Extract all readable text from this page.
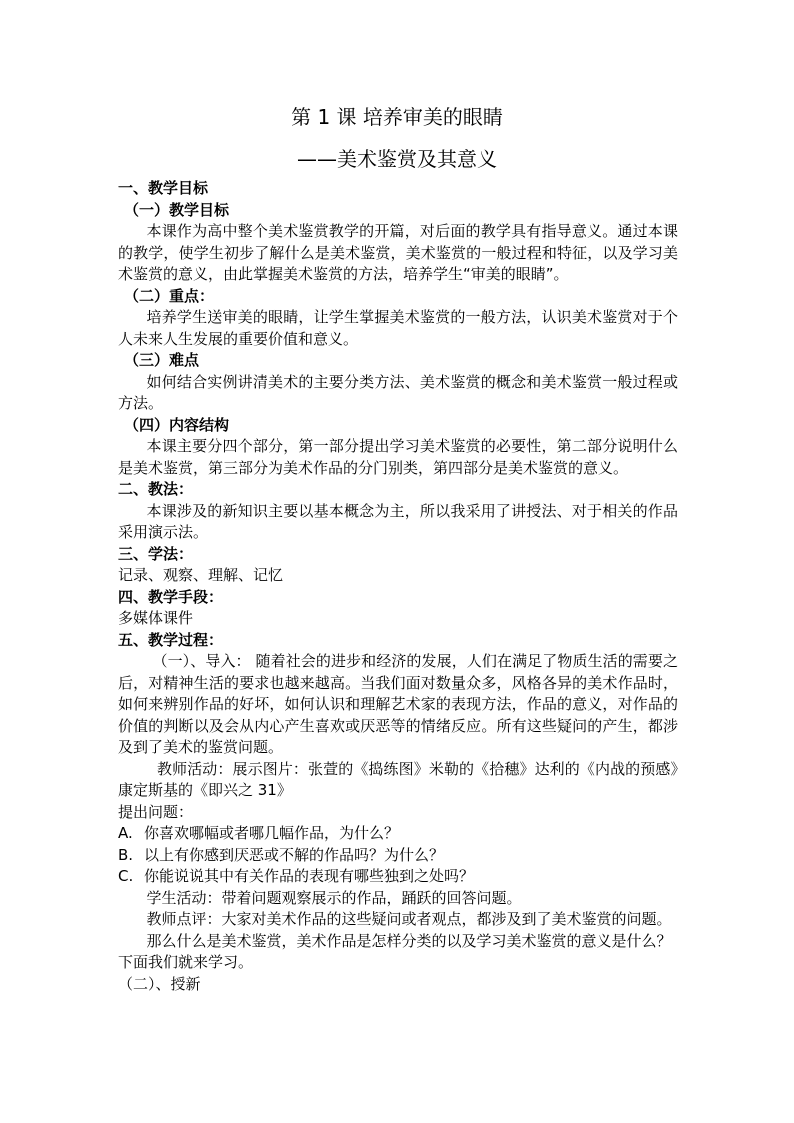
第 1 课 培养审美的眼睛
——美术鉴赏及其意义

一、教学目标

（一）教学目标

本课作为高中整个美术鉴赏教学的开篇，对后面的教学具有指导意义。通过本课的教学，使学生初步了解什么是美术鉴赏，美术鉴赏的一般过程和特征，以及学习美术鉴赏的意义，由此掌握美术鉴赏的方法，培养学生“审美的眼睛”。

（二）重点：

培养学生送审美的眼睛，让学生掌握美术鉴赏的一般方法，认识美术鉴赏对于个人未来人生发展的重要价值和意义。

（三）难点

如何结合实例讲清美术的主要分类方法、美术鉴赏的概念和美术鉴赏一般过程或方法。

（四）内容结构

本课主要分四个部分，第一部分提出学习美术鉴赏的必要性，第二部分说明什么是美术鉴赏，第三部分为美术作品的分门别类，第四部分是美术鉴赏的意义。

二、教法：

本课涉及的新知识主要以基本概念为主，所以我采用了讲授法、对于相关的作品采用演示法。

三、学法：

记录、观察、理解、记忆

四、教学手段：

多媒体课件

五、教学过程：

（一）、导入： 随着社会的进步和经济的发展，人们在满足了物质生活的需要之后，对精神生活的要求也越来越高。当我们面对数量众多，风格各异的美术作品时，如何来辨别作品的好坏，如何认识和理解艺术家的表现方法，作品的意义，对作品的价值的判断以及会从内心产生喜欢或厌恶等的情绪反应。所有这些疑问的产生，都涉及到了美术的鉴赏问题。

教师活动：展示图片：张萱的《捣练图》米勒的《拾穗》达利的《内战的预感》康定斯基的《即兴之 31》

提出问题：

A. 你喜欢哪幅或者哪几幅作品，为什么？

B. 以上有你感到厌恶或不解的作品吗？为什么？

C. 你能说说其中有关作品的表现有哪些独到之处吗？

学生活动：带着问题观察展示的作品，踊跃的回答问题。

教师点评：大家对美术作品的这些疑问或者观点，都涉及到了美术鉴赏的问题。

那么什么是美术鉴赏，美术作品是怎样分类的以及学习美术鉴赏的意义是什么？

下面我们就来学习。

（二）、授新
